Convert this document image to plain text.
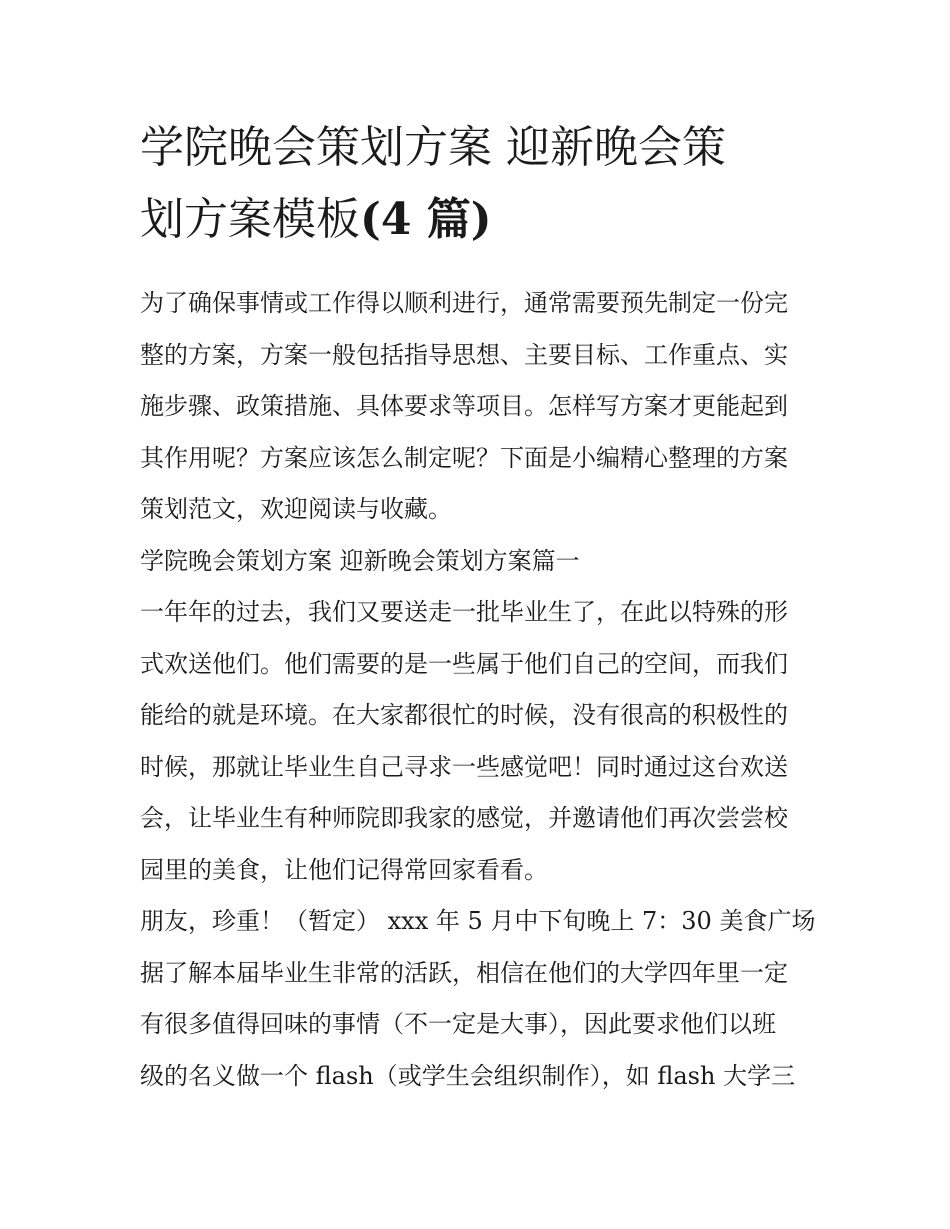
学院晚会策划方案 迎新晚会策
划方案模板(4 篇)

为了确保事情或工作得以顺利进行，通常需要预先制定一份完
整的方案，方案一般包括指导思想、主要目标、工作重点、实
施步骤、政策措施、具体要求等项目。怎样写方案才更能起到
其作用呢？方案应该怎么制定呢？下面是小编精心整理的方案
策划范文，欢迎阅读与收藏。

学院晚会策划方案 迎新晚会策划方案篇一

一年年的过去，我们又要送走一批毕业生了，在此以特殊的形
式欢送他们。他们需要的是一些属于他们自己的空间，而我们
能给的就是环境。在大家都很忙的时候，没有很高的积极性的
时候，那就让毕业生自己寻求一些感觉吧！同时通过这台欢送
会，让毕业生有种师院即我家的感觉，并邀请他们再次尝尝校
园里的美食，让他们记得常回家看看。

朋友，珍重！（暂定） xxx 年 5 月中下旬晚上 7：30 美食广场

据了解本届毕业生非常的活跃，相信在他们的大学四年里一定
有很多值得回味的事情（不一定是大事），因此要求他们以班
级的名义做一个 flash（或学生会组织制作），如 flash 大学三
